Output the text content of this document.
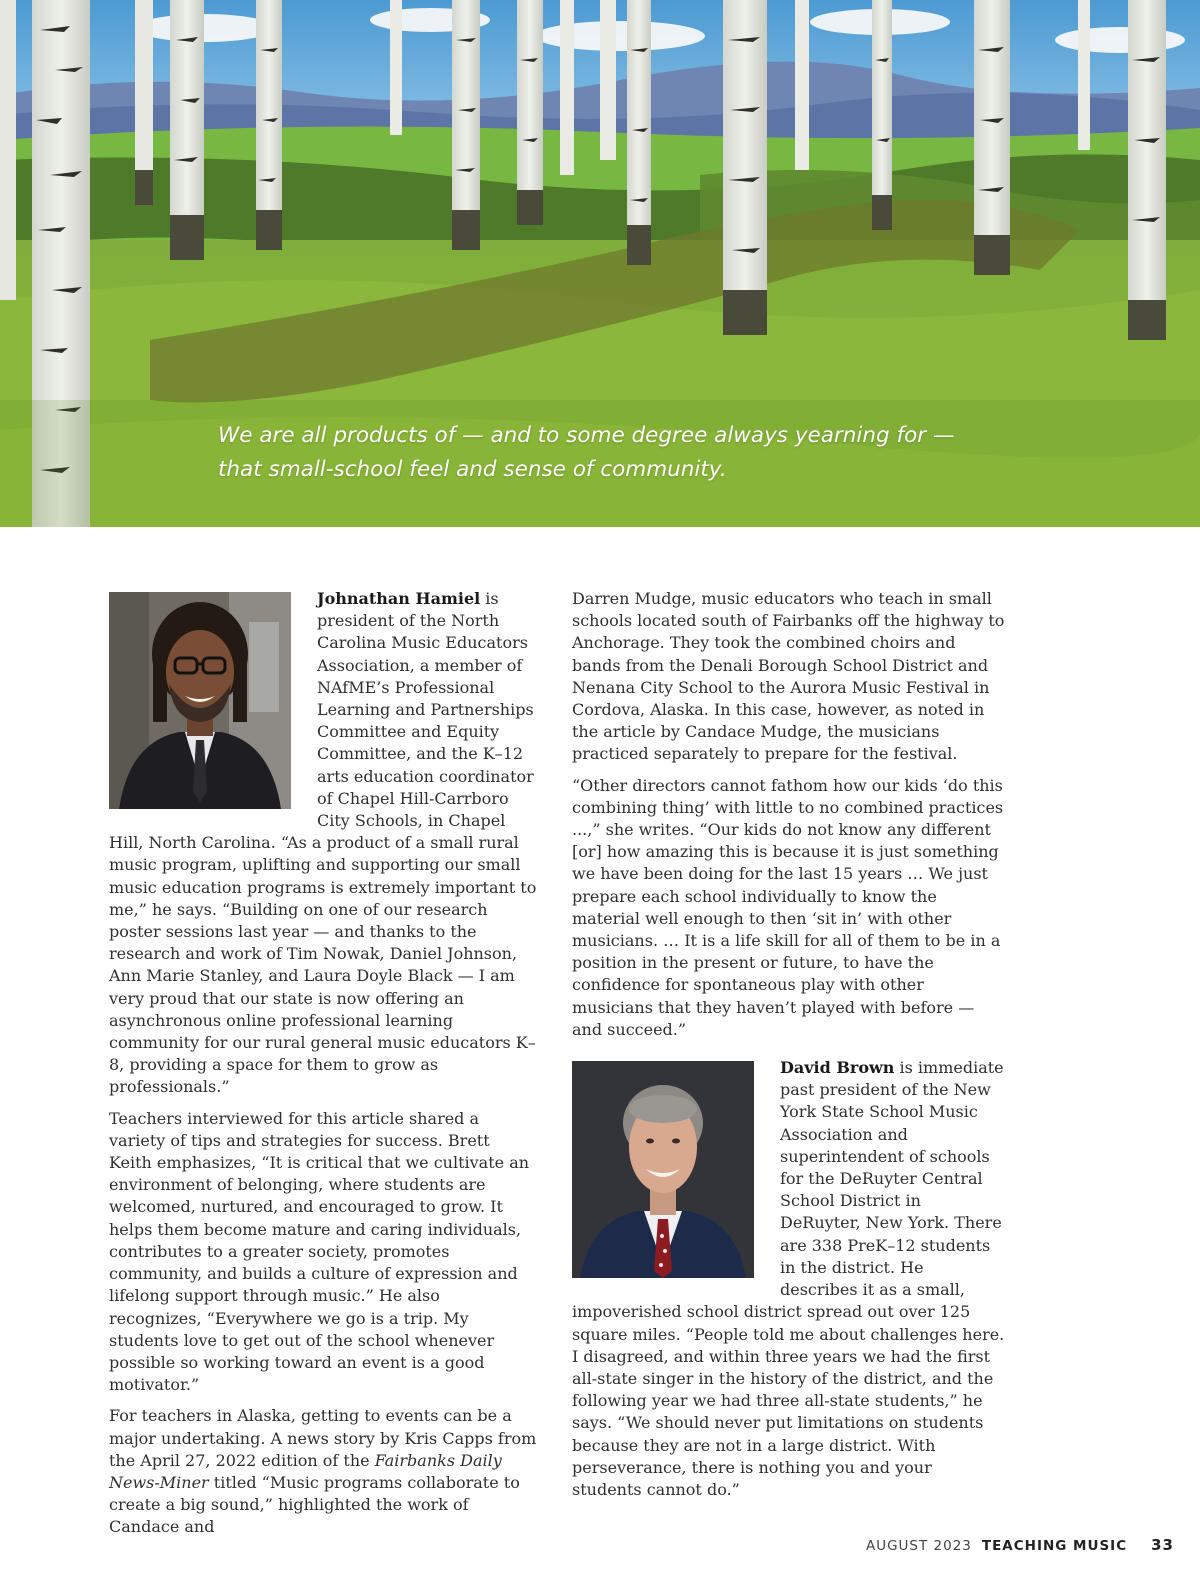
We are all products of — and to some degree always yearning for —
that small-school feel and sense of community.

Johnathan Hamiel is president of the North Carolina Music Educators Association, a member of NAfME’s Professional Learning and Partnerships Committee and Equity Committee, and the K–12 arts education coordinator of Chapel Hill-Carrboro City Schools, in Chapel Hill, North Carolina. “As a product of a small rural music program, uplifting and supporting our small music education programs is extremely important to me,” he says. “Building on one of our research poster sessions last year — and thanks to the research and work of Tim Nowak, Daniel Johnson, Ann Marie Stanley, and Laura Doyle Black — I am very proud that our state is now offering an asynchronous online professional learning community for our rural general music educators K–8, providing a space for them to grow as professionals.”

Teachers interviewed for this article shared a variety of tips and strategies for success. Brett Keith emphasizes, “It is critical that we cultivate an environment of belonging, where students are welcomed, nurtured, and encouraged to grow. It helps them become mature and caring individuals, contributes to a greater society, promotes community, and builds a culture of expression and lifelong support through music.” He also recognizes, “Everywhere we go is a trip. My students love to get out of the school whenever possible so working toward an event is a good motivator.”

For teachers in Alaska, getting to events can be a major undertaking. A news story by Kris Capps from the April 27, 2022 edition of the Fairbanks Daily News-Miner titled “Music programs collaborate to create a big sound,” highlighted the work of Candace and

Darren Mudge, music educators who teach in small schools located south of Fairbanks off the highway to Anchorage. They took the combined choirs and bands from the Denali Borough School District and Nenana City School to the Aurora Music Festival in Cordova, Alaska. In this case, however, as noted in the article by Candace Mudge, the musicians practiced separately to prepare for the festival.

“Other directors cannot fathom how our kids ‘do this combining thing’ with little to no combined practices ...,” she writes. “Our kids do not know any different [or] how amazing this is because it is just something we have been doing for the last 15 years … We just prepare each school individually to know the material well enough to then ‘sit in’ with other musicians. … It is a life skill for all of them to be in a position in the present or future, to have the confidence for spontaneous play with other musicians that they haven’t played with before — and succeed.”

David Brown is immediate past president of the New York State School Music Association and superintendent of schools for the DeRuyter Central School District in DeRuyter, New York. There are 338 PreK–12 students in the district. He describes it as a small, impoverished school district spread out over 125 square miles. “People told me about challenges here. I disagreed, and within three years we had the first all-state singer in the history of the district, and the following year we had three all-state students,” he says. “We should never put limitations on students because they are not in a large district. With perseverance, there is nothing you and your students cannot do.”

AUGUST 2023 TEACHING MUSIC 33
